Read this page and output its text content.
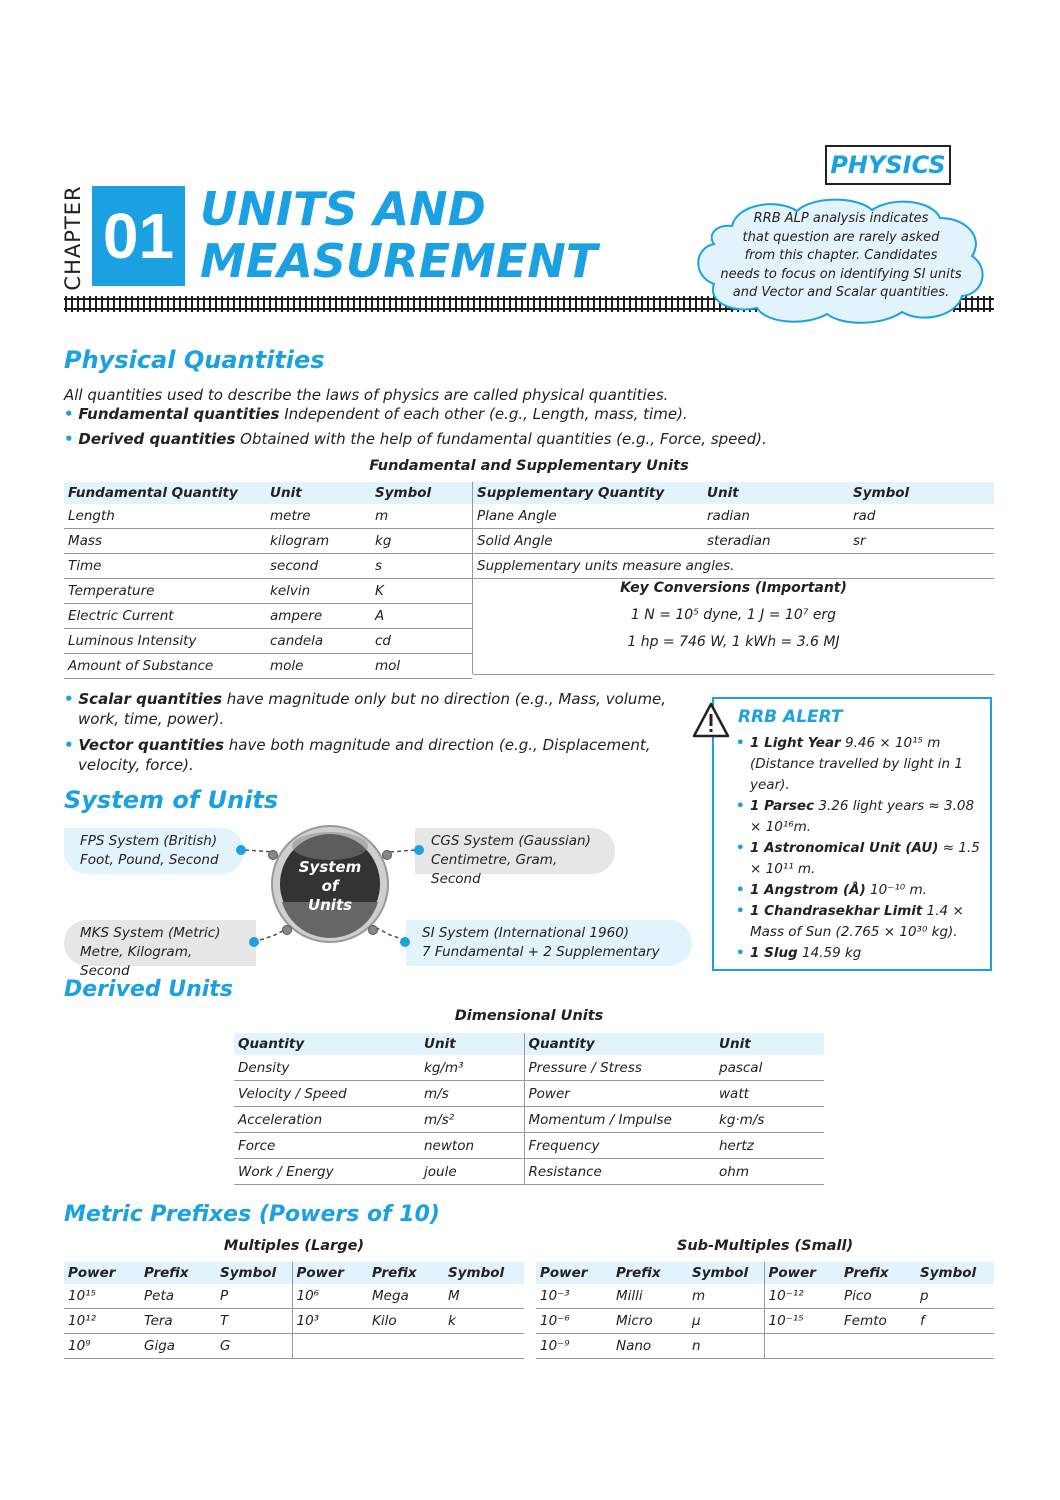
PHYSICS
CHAPTER 01 UNITS AND
MEASUREMENT
RRB ALP analysis indicates
that question are rarely asked
from this chapter. Candidates
needs to focus on identifying SI units
and Vector and Scalar quantities.
Physical Quantities
All quantities used to describe the laws of physics are called physical quantities.
• Fundamental quantities Independent of each other (e.g., Length, mass, time).
• Derived quantities Obtained with the help of fundamental quantities (e.g., Force, speed).
Fundamental and Supplementary Units
Fundamental Quantity	Unit	Symbol
Length	metre	m
Mass	kilogram	kg
Time	second	s
Temperature	kelvin	K
Electric Current	ampere	A
Luminous Intensity	candela	cd
Amount of Substance	mole	mol
Supplementary Quantity	Unit	Symbol
Plane Angle	radian	rad
Solid Angle	steradian	sr
Supplementary units measure angles.		
Key Conversions (Important)
1 N = 10⁵ dyne, 1 J = 10⁷ erg
1 hp = 746 W, 1 kWh = 3.6 MJ
• Scalar quantities have magnitude only but no direction (e.g., Mass, volume, work, time, power).
• Vector quantities have both magnitude and direction (e.g., Displacement, velocity, force).
RRB ALERT
• 1 Light Year 9.46 × 10¹⁵ m (Distance travelled by light in 1 year).
• 1 Parsec 3.26 light years ≈ 3.08 × 10¹⁶m.
• 1 Astronomical Unit (AU) ≈ 1.5 × 10¹¹ m.
• 1 Angstrom (Å) 10⁻¹⁰ m.
• 1 Chandrasekhar Limit 1.4 × Mass of Sun (2.765 × 10³⁰ kg).
• 1 Slug 14.59 kg
System of Units
FPS System (British)
Foot, Pound, Second
CGS System (Gaussian)
Centimetre, Gram, Second
MKS System (Metric)
Metre, Kilogram, Second
SI System (International 1960)
7 Fundamental + 2 Supplementary
System
of
Units
Derived Units
Dimensional Units
Quantity	Unit	Quantity	Unit
Density	kg/m³	Pressure / Stress	pascal
Velocity / Speed	m/s	Power	watt
Acceleration	m/s²	Momentum / Impulse	kg·m/s
Force	newton	Frequency	hertz
Work / Energy	joule	Resistance	ohm
Metric Prefixes (Powers of 10)
Multiples (Large)	Sub-Multiples (Small)
Power	Prefix	Symbol	Power	Prefix	Symbol
10¹⁵	Peta	P	10⁶	Mega	M
10¹²	Tera	T	10³	Kilo	k
10⁹	Giga	G			
Power	Prefix	Symbol	Power	Prefix	Symbol
10⁻³	Milli	m	10⁻¹²	Pico	p
10⁻⁶	Micro	μ	10⁻¹⁵	Femto	f
10⁻⁹	Nano	n			
